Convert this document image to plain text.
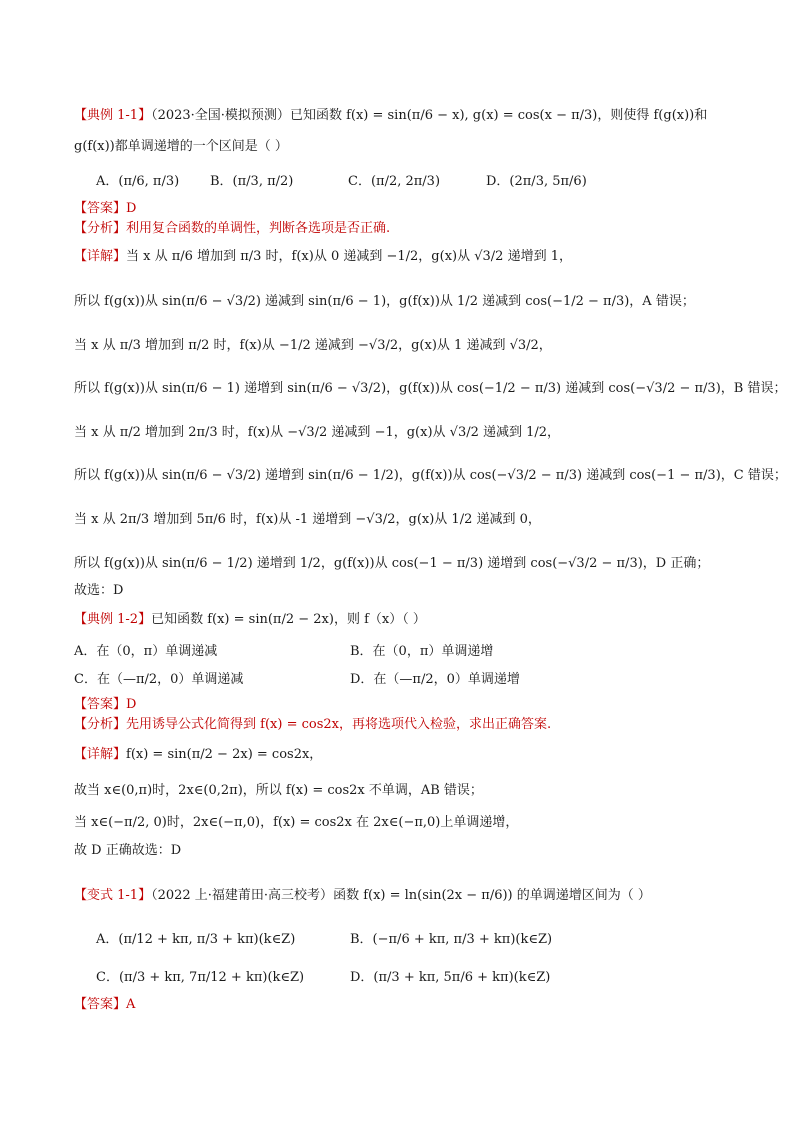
【典例 1-1】（2023·全国·模拟预测）已知函数 f(x) = sin(π/6 − x), g(x) = cos(x − π/3)，则使得 f(g(x))和
g(f(x))都单调递增的一个区间是（ ）
A．(π/6, π/3) B．(π/3, π/2)	C．(π/2, 2π/3)	D．(2π/3, 5π/6)
【答案】D
【分析】利用复合函数的单调性，判断各选项是否正确.
【详解】当 x 从 π/6 增加到 π/3 时，f(x)从 0 递减到 −1/2，g(x)从 √3/2 递增到 1，
所以 f(g(x))从 sin(π/6 − √3/2) 递减到 sin(π/6 − 1)，g(f(x))从 1/2 递减到 cos(−1/2 − π/3)，A 错误；
当 x 从 π/3 增加到 π/2 时，f(x)从 −1/2 递减到 −√3/2，g(x)从 1 递减到 √3/2，
所以 f(g(x))从 sin(π/6 − 1) 递增到 sin(π/6 − √3/2)，g(f(x))从 cos(−1/2 − π/3) 递减到 cos(−√3/2 − π/3)，B 错误；
当 x 从 π/2 增加到 2π/3 时，f(x)从 −√3/2 递减到 −1，g(x)从 √3/2 递减到 1/2，
所以 f(g(x))从 sin(π/6 − √3/2) 递增到 sin(π/6 − 1/2)，g(f(x))从 cos(−√3/2 − π/3) 递减到 cos(−1 − π/3)，C 错误；
当 x 从 2π/3 增加到 5π/6 时，f(x)从 -1 递增到 −√3/2，g(x)从 1/2 递减到 0，
所以 f(g(x))从 sin(π/6 − 1/2) 递增到 1/2，g(f(x))从 cos(−1 − π/3) 递增到 cos(−√3/2 − π/3)，D 正确；
故选：D
【典例 1-2】已知函数 f(x) = sin(π/2 − 2x)，则 f（x）（ ）
A．在（0，π）单调递减	B．在（0，π）单调递增
C．在（—π/2，0）单调递减	D．在（—π/2，0）单调递增
【答案】D
【分析】先用诱导公式化简得到 f(x) = cos2x，再将选项代入检验，求出正确答案.
【详解】f(x) = sin(π/2 − 2x) = cos2x，
故当 x∈(0,π)时，2x∈(0,2π)，所以 f(x) = cos2x 不单调，AB 错误；
当 x∈(−π/2, 0)时，2x∈(−π,0)，f(x) = cos2x 在 2x∈(−π,0)上单调递增，
故 D 正确故选：D
【变式 1-1】（2022 上·福建莆田·高三校考）函数 f(x) = ln(sin(2x − π/6)) 的单调递增区间为（ ）
A．(π/12 + kπ, π/3 + kπ)(k∈Z)	B．(−π/6 + kπ, π/3 + kπ)(k∈Z)
C．(π/3 + kπ, 7π/12 + kπ)(k∈Z)	D．(π/3 + kπ, 5π/6 + kπ)(k∈Z)
【答案】A
